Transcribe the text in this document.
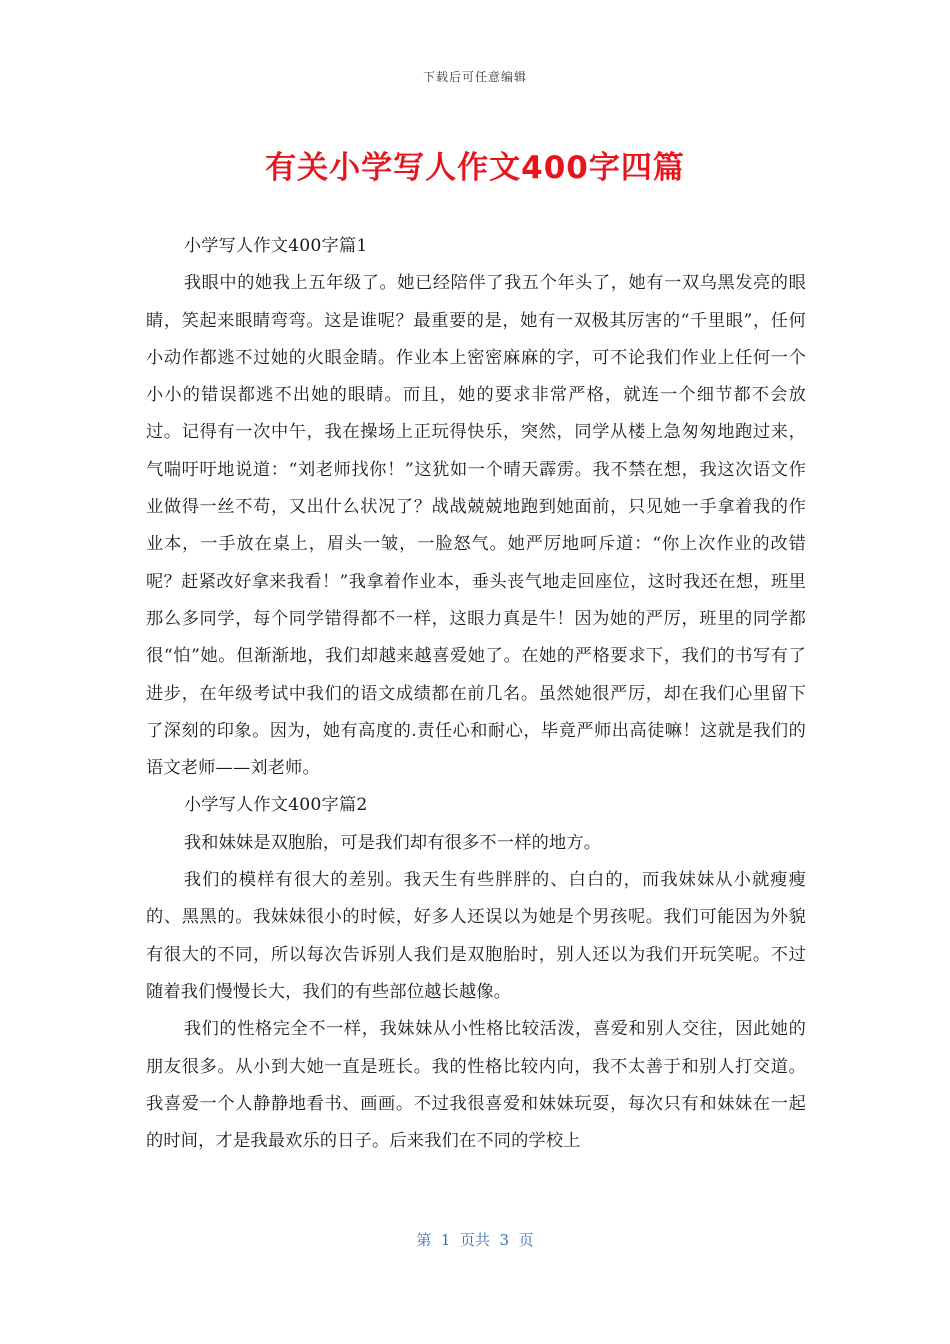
下载后可任意编辑
有关小学写人作文400字四篇

小学写人作文400字篇1

我眼中的她我上五年级了。她已经陪伴了我五个年头了，她有一双乌黑发亮的眼睛，笑起来眼睛弯弯。这是谁呢？最重要的是，她有一双极其厉害的“千里眼”，任何小动作都逃不过她的火眼金睛。作业本上密密麻麻的字，可不论我们作业上任何一个小小的错误都逃不出她的眼睛。而且，她的要求非常严格，就连一个细节都不会放过。记得有一次中午，我在操场上正玩得快乐，突然，同学从楼上急匆匆地跑过来，气喘吁吁地说道：“刘老师找你！”这犹如一个晴天霹雳。我不禁在想，我这次语文作业做得一丝不苟，又出什么状况了？战战兢兢地跑到她面前，只见她一手拿着我的作业本，一手放在桌上，眉头一皱，一脸怒气。她严厉地呵斥道：“你上次作业的改错呢？赶紧改好拿来我看！”我拿着作业本，垂头丧气地走回座位，这时我还在想，班里那么多同学，每个同学错得都不一样，这眼力真是牛！因为她的严厉，班里的同学都很“怕”她。但渐渐地，我们却越来越喜爱她了。在她的严格要求下，我们的书写有了进步，在年级考试中我们的语文成绩都在前几名。虽然她很严厉，却在我们心里留下了深刻的印象。因为，她有高度的.责任心和耐心，毕竟严师出高徒嘛！这就是我们的语文老师——刘老师。

小学写人作文400字篇2

我和妹妹是双胞胎，可是我们却有很多不一样的地方。

我们的模样有很大的差别。我天生有些胖胖的、白白的，而我妹妹从小就瘦瘦的、黑黑的。我妹妹很小的时候，好多人还误以为她是个男孩呢。我们可能因为外貌有很大的不同，所以每次告诉别人我们是双胞胎时，别人还以为我们开玩笑呢。不过随着我们慢慢长大，我们的有些部位越长越像。

我们的性格完全不一样，我妹妹从小性格比较活泼，喜爱和别人交往，因此她的朋友很多。从小到大她一直是班长。我的性格比较内向，我不太善于和别人打交道。我喜爱一个人静静地看书、画画。不过我很喜爱和妹妹玩耍，每次只有和妹妹在一起的时间，才是我最欢乐的日子。后来我们在不同的学校上

第  1  页共  3  页
